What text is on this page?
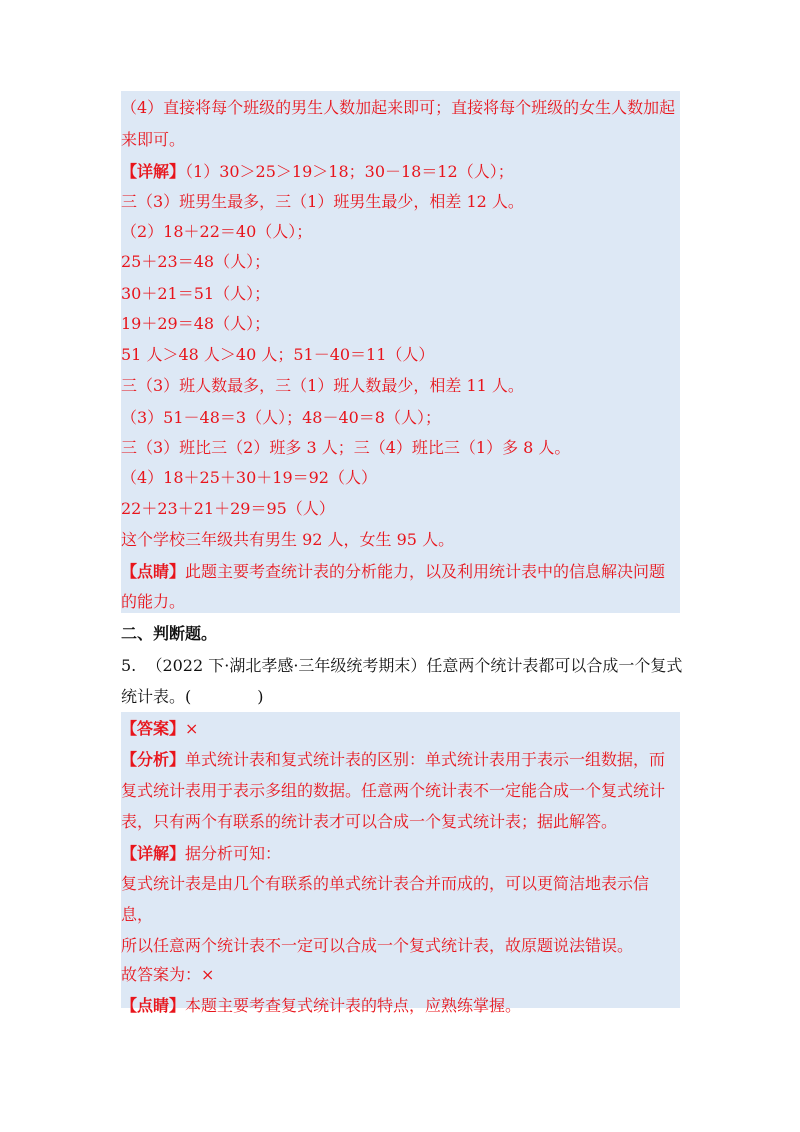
（4）直接将每个班级的男生人数加起来即可；直接将每个班级的女生人数加起
来即可。
【详解】（1）30＞25＞19＞18；30－18＝12（人）；
三（3）班男生最多，三（1）班男生最少，相差 12 人。
（2）18＋22＝40（人）；
25＋23＝48（人）；
30＋21＝51（人）；
19＋29＝48（人）；
51 人＞48 人＞40 人；51－40＝11（人）
三（3）班人数最多，三（1）班人数最少，相差 11 人。
（3）51－48＝3（人）；48－40＝8（人）；
三（3）班比三（2）班多 3 人；三（4）班比三（1）多 8 人。
（4）18＋25＋30＋19＝92（人）
22＋23＋21＋29＝95（人）
这个学校三年级共有男生 92 人，女生 95 人。
【点睛】此题主要考查统计表的分析能力，以及利用统计表中的信息解决问题
的能力。
二、判断题。
5. （2022 下·湖北孝感·三年级统考期末）任意两个统计表都可以合成一个复式
统计表。(	)
【答案】×
【分析】单式统计表和复式统计表的区别：单式统计表用于表示一组数据，而
复式统计表用于表示多组的数据。任意两个统计表不一定能合成一个复式统计
表，只有两个有联系的统计表才可以合成一个复式统计表；据此解答。
【详解】据分析可知：
复式统计表是由几个有联系的单式统计表合并而成的，可以更简洁地表示信
息，
所以任意两个统计表不一定可以合成一个复式统计表，故原题说法错误。
故答案为：×
【点睛】本题主要考查复式统计表的特点，应熟练掌握。
